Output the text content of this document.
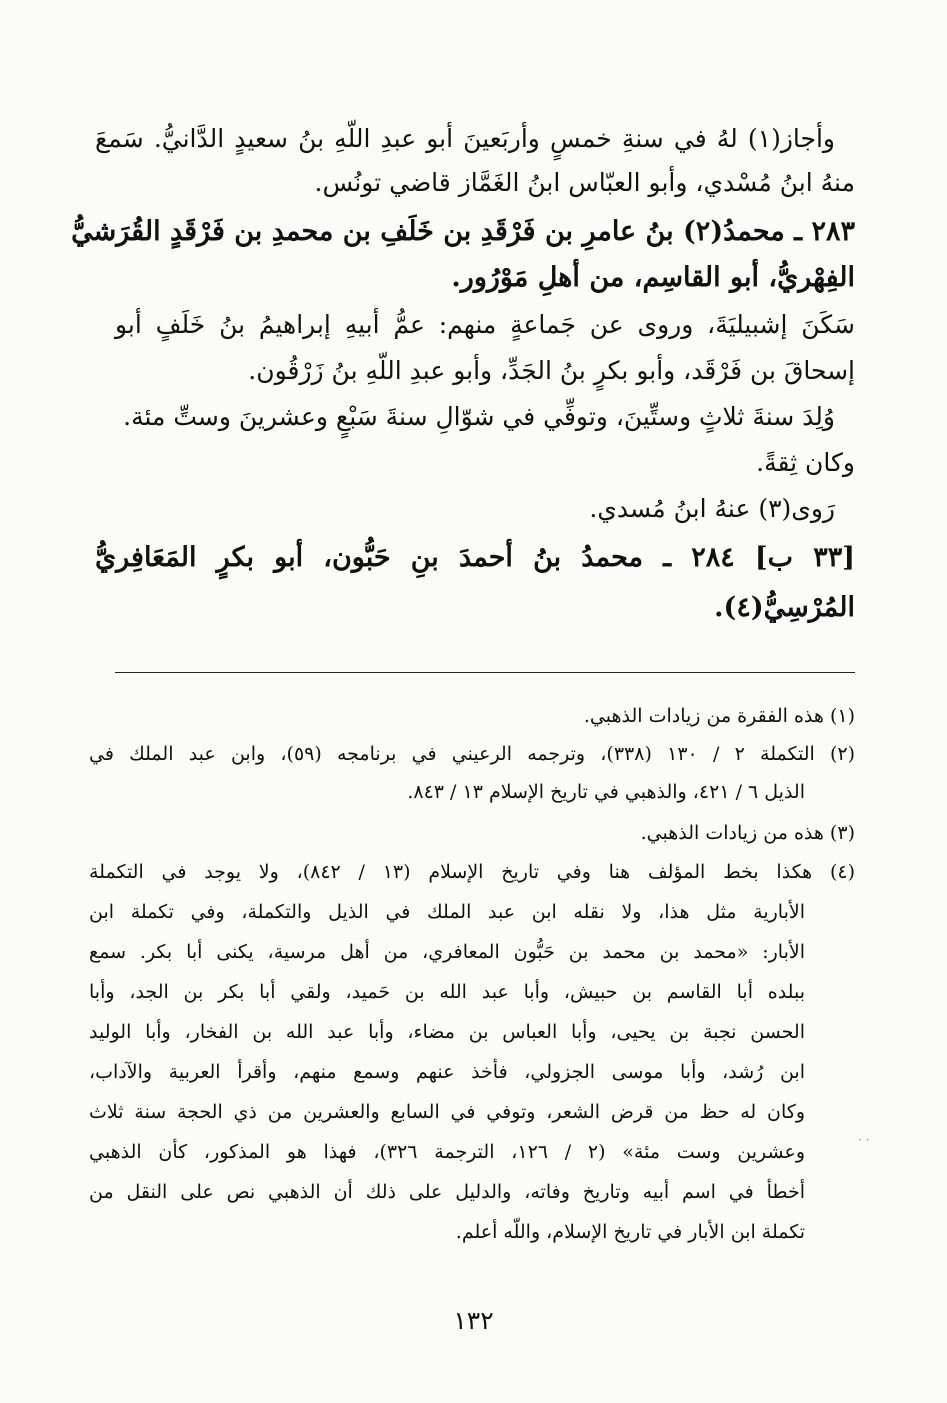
وأجاز(١) لهُ في سنةِ خمسٍ وأربَعينَ أبو عبدِ اللّهِ بنُ سعيدٍ الدَّانيُّ. سَمعَ

منهُ ابنُ مُسْدي، وأبو العبّاس ابنُ الغَمَّاز قاضي تونُس.

٢٨٣ ـ محمدُ(٢) بنُ عامرِ بن فَرْقَدِ بن خَلَفِ بن محمدِ بن فَرْقَدٍ القُرَشيُّ

الفِهْريُّ، أبو القاسِم، من أهلِ مَوْرُور.

سَكَنَ إشبيليَةَ، وروى عن جَماعةٍ منهم: عمُّ أبيهِ إبراهيمُ بنُ خَلَفٍ أبو

إسحاقَ بن فَرْقَد، وأبو بكرٍ بنُ الجَدِّ، وأبو عبدِ اللّهِ بنُ زَرْقُون.

وُلِدَ سنةَ ثلاثٍ وستِّينَ، وتوفِّي في شوّالِ سنةَ سَبْعٍ وعشرينَ وستِّ مئة.

وكان ثِقةً.

رَوى(٣) عنهُ ابنُ مُسدي.

[٣٣ ب] ٢٨٤ ـ محمدُ بنُ أحمدَ بنِ حَبُّون، أبو بكرٍ المَعَافِريُّ

المُرْسِيُّ(٤).

(١) هذه الفقرة من زيادات الذهبي.

(٢) التكملة ٢ / ١٣٠ (٣٣٨)، وترجمه الرعيني في برنامجه (٥٩)، وابن عبد الملك في

الذيل ٦ / ٤٢١، والذهبي في تاريخ الإسلام ١٣ / ٨٤٣.

(٣) هذه من زيادات الذهبي.

(٤) هكذا بخط المؤلف هنا وفي تاريخ الإسلام (١٣ / ٨٤٢)، ولا يوجد في التكملة

الأبارية مثل هذا، ولا نقله ابن عبد الملك في الذيل والتكملة، وفي تكملة ابن

الأبار: «محمد بن محمد بن حَبُّون المعافري، من أهل مرسية، يكنى أبا بكر. سمع

ببلده أبا القاسم بن حبيش، وأبا عبد الله بن حَميد، ولقي أبا بكر بن الجد، وأبا

الحسن نجبة بن يحيى، وأبا العباس بن مضاء، وأبا عبد الله بن الفخار، وأبا الوليد

ابن رُشد، وأبا موسى الجزولي، فأخذ عنهم وسمع منهم، وأقرأ العربية والآداب،

وكان له حظ من قرض الشعر، وتوفي في السابع والعشرين من ذي الحجة سنة ثلاث

وعشرين وست مئة» (٢ / ١٢٦، الترجمة ٣٢٦)، فهذا هو المذكور، كأن الذهبي

أخطأ في اسم أبيه وتاريخ وفاته، والدليل على ذلك أن الذهبي نص على النقل من

تكملة ابن الأبار في تاريخ الإسلام، واللّه أعلم.

١٣٢
· ·
